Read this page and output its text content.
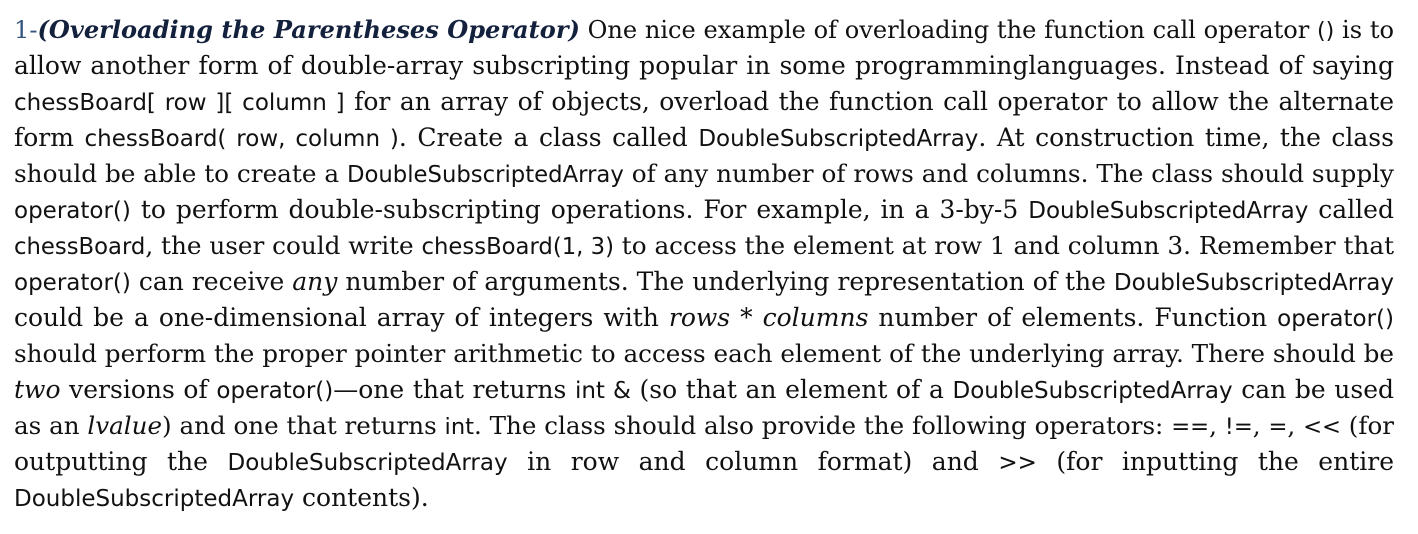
1-(Overloading the Parentheses Operator) One nice example of overloading the function call operator () is to
allow another form of double-array subscripting popular in some programminglanguages. Instead of saying
chessBoard[ row ][ column ] for an array of objects, overload the function call operator to allow the alternate
form chessBoard( row, column ). Create a class called DoubleSubscriptedArray. At construction time, the class
should be able to create a DoubleSubscriptedArray of any number of rows and columns. The class should supply
operator() to perform double-subscripting operations. For example, in a 3-by-5 DoubleSubscriptedArray called
chessBoard, the user could write chessBoard(1, 3) to access the element at row 1 and column 3. Remember that
operator() can receive any number of arguments. The underlying representation of the DoubleSubscriptedArray
could be a one-dimensional array of integers with rows * columns number of elements. Function operator()
should perform the proper pointer arithmetic to access each element of the underlying array. There should be
two versions of operator()—one that returns int & (so that an element of a DoubleSubscriptedArray can be used
as an lvalue) and one that returns int. The class should also provide the following operators: ==, !=, =, << (for
outputting the DoubleSubscriptedArray in row and column format) and >> (for inputting the entire
DoubleSubscriptedArray contents).
